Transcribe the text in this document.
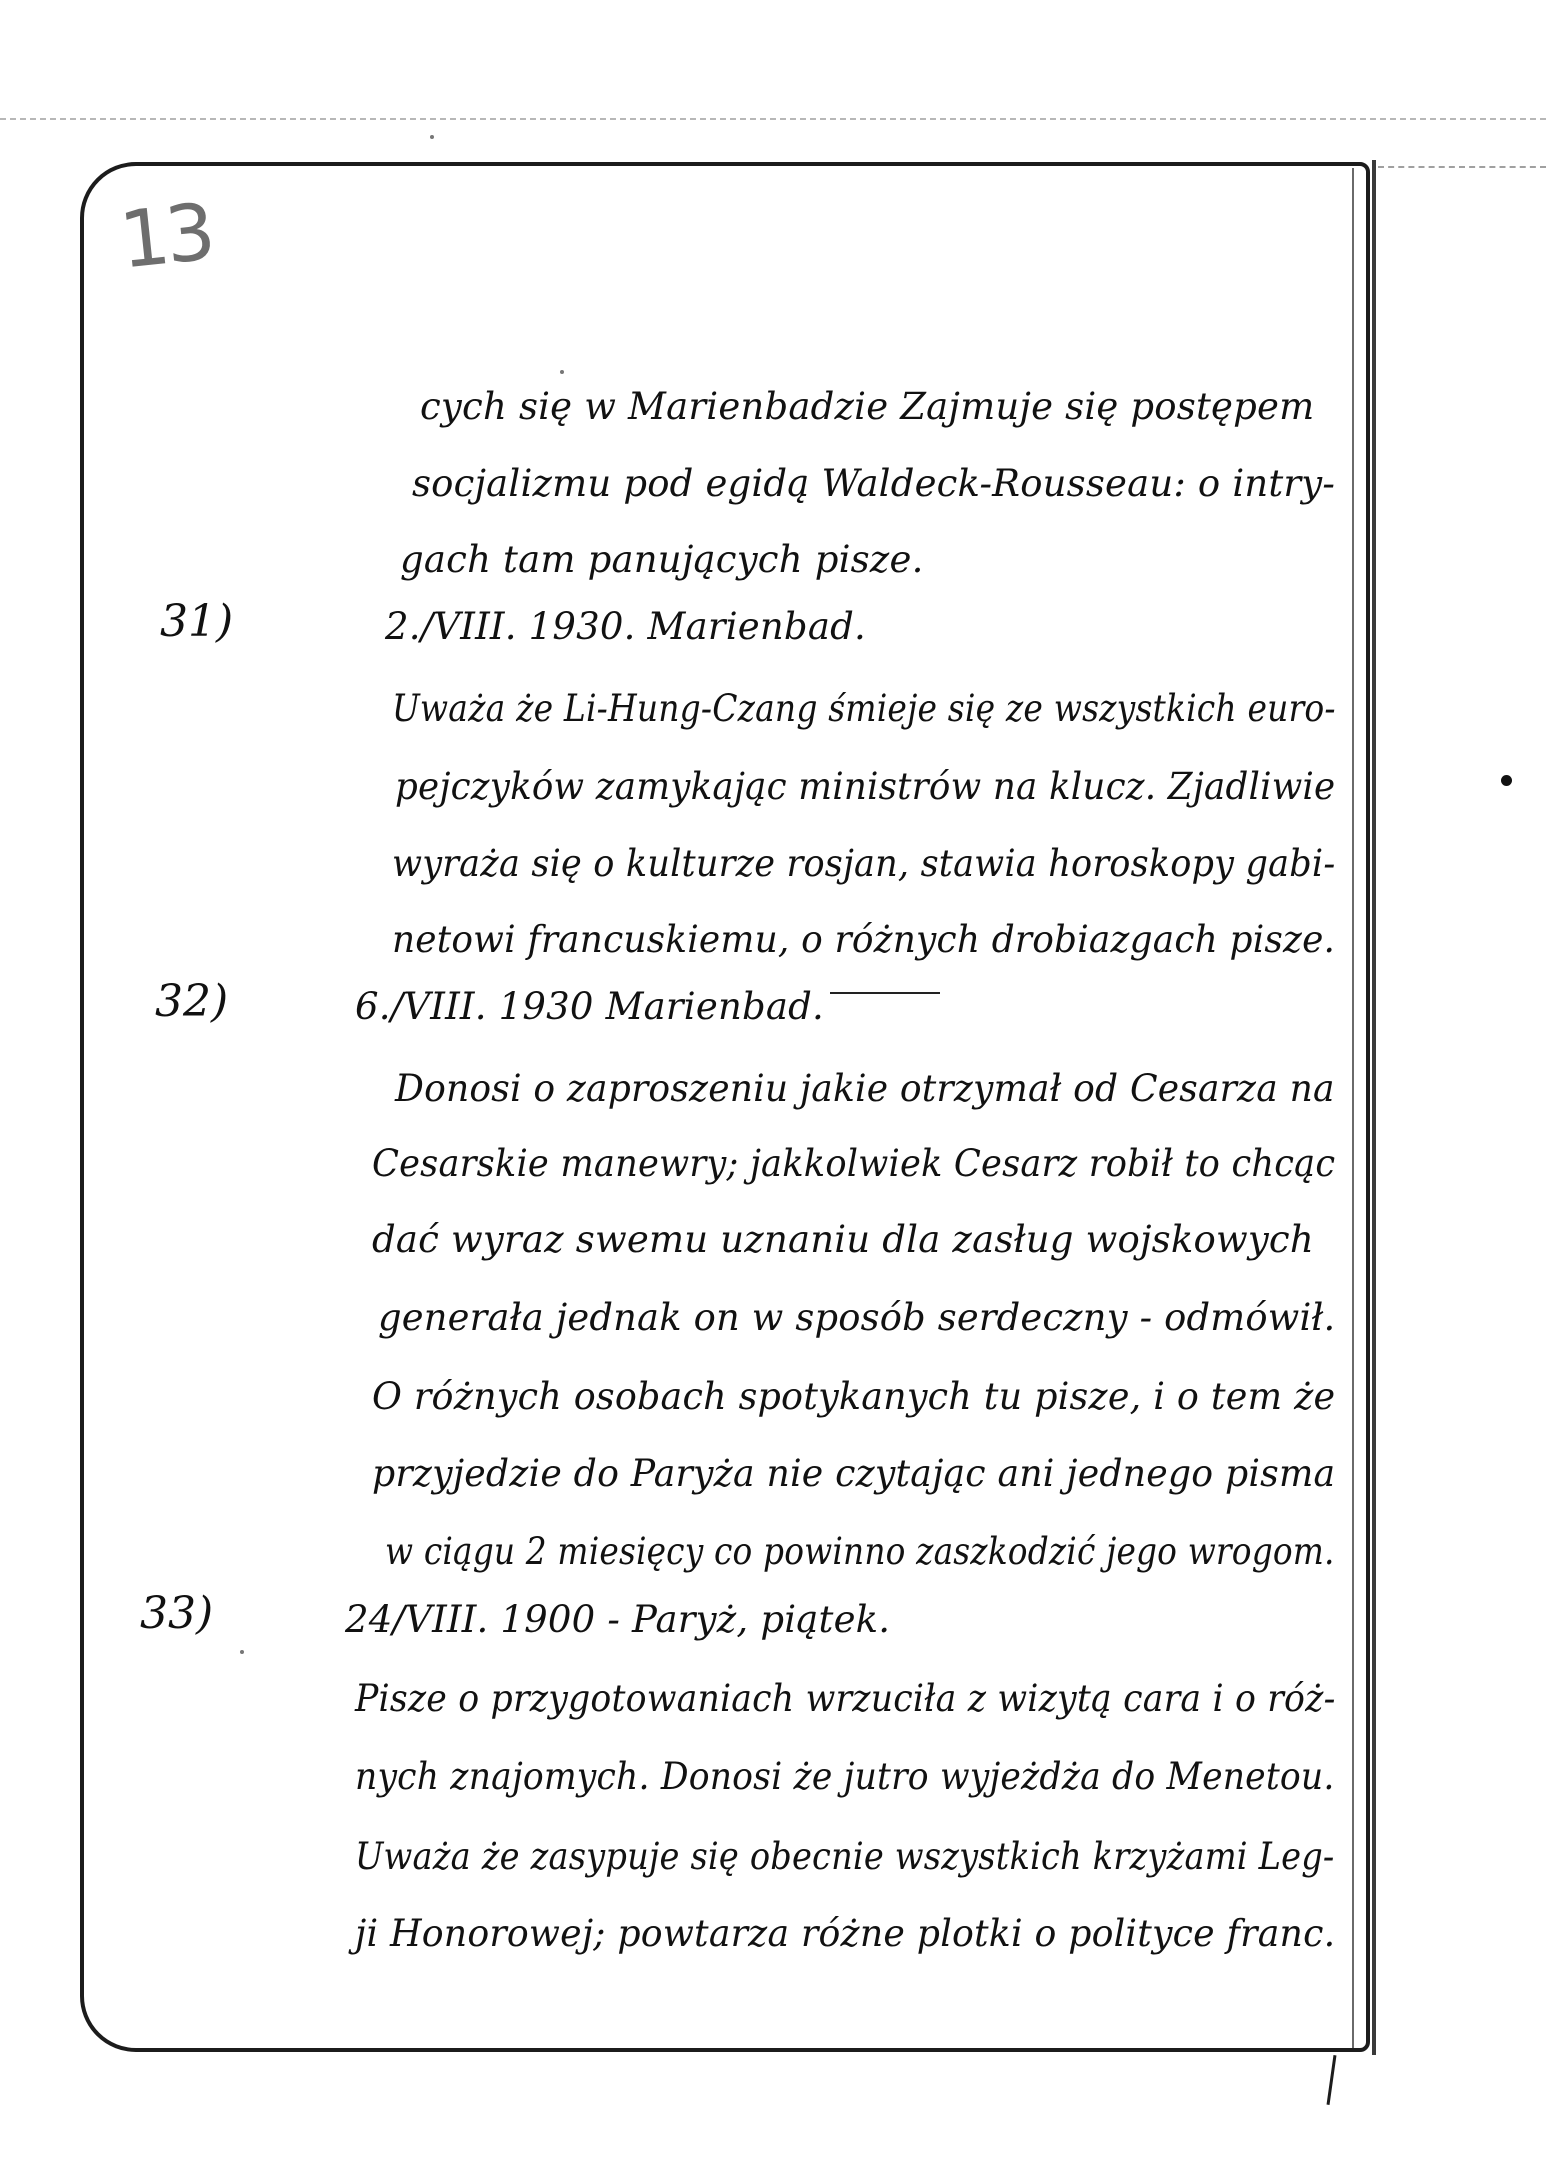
13
31)
32)
33)
cych się w Marienbadzie Zajmuje się postępem
socjalizmu pod egidą Waldeck-Rousseau: o intry-
gach tam panujących pisze.
2./VIII. 1930. Marienbad.
Uważa że Li-Hung-Czang śmieje się ze wszystkich euro-
pejczyków zamykając ministrów na klucz. Zjadliwie
wyraża się o kulturze rosjan, stawia horoskopy gabi-
netowi francuskiemu, o różnych drobiazgach pisze.
6./VIII. 1930 Marienbad.
Donosi o zaproszeniu jakie otrzymał od Cesarza na
Cesarskie manewry; jakkolwiek Cesarz robił to chcąc
dać wyraz swemu uznaniu dla zasług wojskowych
generała jednak on w sposób serdeczny - odmówił.
O różnych osobach spotykanych tu pisze, i o tem że
przyjedzie do Paryża nie czytając ani jednego pisma
w ciągu 2 miesięcy co powinno zaszkodzić jego wrogom.
24/VIII. 1900 - Paryż, piątek.
Pisze o przygotowaniach wrzuciła z wizytą cara i o róż-
nych znajomych. Donosi że jutro wyjeżdża do Menetou.
Uważa że zasypuje się obecnie wszystkich krzyżami Leg-
ji Honorowej; powtarza różne plotki o polityce franc.
